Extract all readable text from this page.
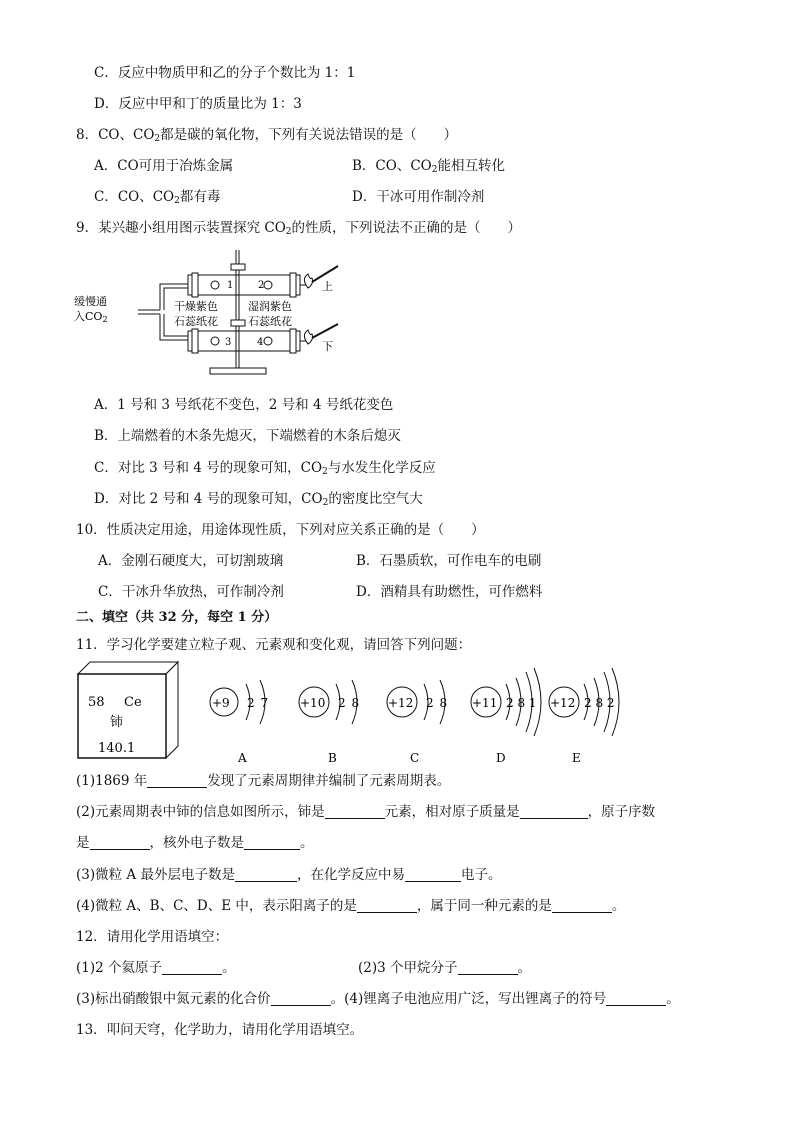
C．反应中物质甲和乙的分子个数比为 1：1
D．反应中甲和丁的质量比为 1：3
8．CO、$CO_2$都是碳的氧化物，下列有关说法错误的是（　　）
A．CO可用于冶炼金属	B．CO、$CO_2$能相互转化
C．CO、$CO_2$都有毒	D．干冰可用作制冷剂
9．某兴趣小组用图示装置探究 $CO_2$的性质，下列说法不正确的是（　　）
1 2
3	4
缓慢通
入CO2
干燥紫色
石蕊纸花
湿润紫色
石蕊纸花
上
下
A．1 号和 3 号纸花不变色，2 号和 4 号纸花变色
B．上端燃着的木条先熄灭，下端燃着的木条后熄灭
C．对比 3 号和 4 号的现象可知，$CO_2$与水发生化学反应
D．对比 2 号和 4 号的现象可知，$CO_2$的密度比空气大
10．性质决定用途，用途体现性质，下列对应关系正确的是（　　）
A．金刚石硬度大，可切割玻璃	B．石墨质软，可作电车的电刷
C．干冰升华放热，可作制冷剂	D．酒精具有助燃性，可作燃料
二、填空（共 32 分，每空 1 分）
11．学习化学要建立粒子观、元素观和变化观，请回答下列问题：
58 Ce
铈
140.1
+9 2 7
A
+10 2 8
B
+12 2 8
C
+11 2 8 1
D
+12 2 8 2
E
(1)1869 年	发现了元素周期律并编制了元素周期表。
(2)元素周期表中铈的信息如图所示，铈是	元素，相对原子质量是	，原子序数
是	，核外电子数是	。
(3)微粒 A 最外层电子数是	，在化学反应中易	电子。
(4)微粒 A、B、C、D、E 中，表示阳离子的是	，属于同一种元素的是	。
12．请用化学用语填空：
(1)2 个氦原子	。	(2)3 个甲烷分子	。
(3)标出硝酸银中氮元素的化合价	。(4)锂离子电池应用广泛，写出锂离子的符号	。
13．叩问天穹，化学助力，请用化学用语填空。
